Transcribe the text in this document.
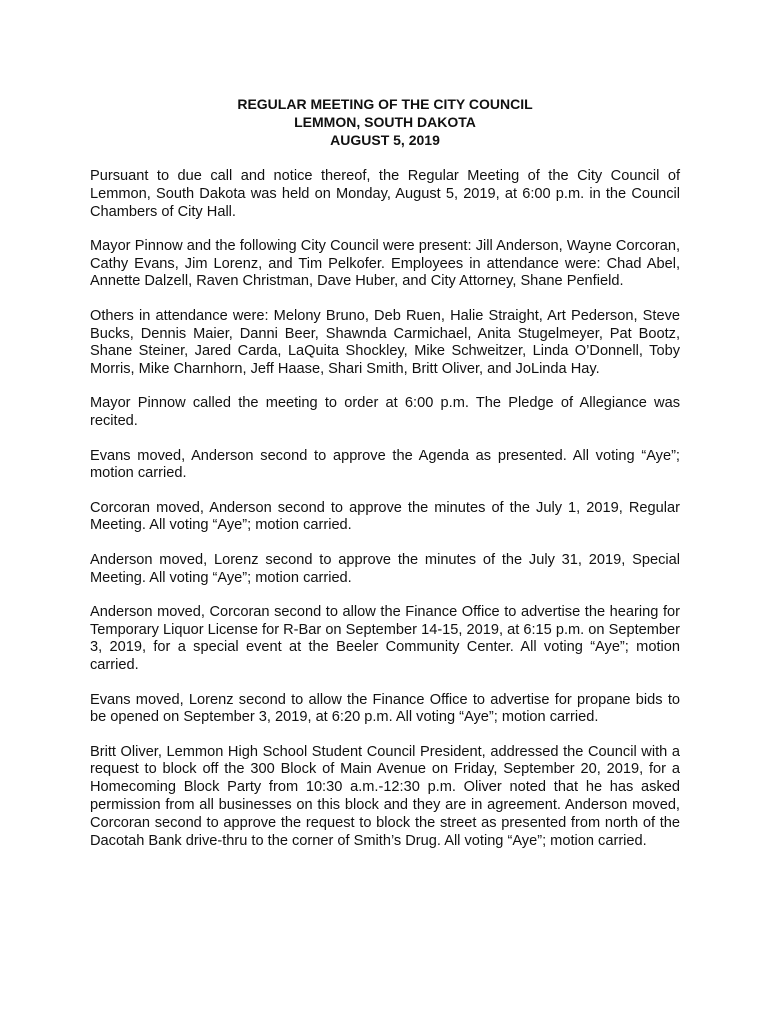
REGULAR MEETING OF THE CITY COUNCIL

LEMMON, SOUTH DAKOTA

AUGUST 5, 2019

Pursuant to due call and notice thereof, the Regular Meeting of the City Council of Lemmon, South Dakota was held on Monday, August 5, 2019, at 6:00 p.m. in the Council Chambers of City Hall.

Mayor Pinnow and the following City Council were present: Jill Anderson, Wayne Corcoran, Cathy Evans, Jim Lorenz, and Tim Pelkofer. Employees in attendance were: Chad Abel, Annette Dalzell, Raven Christman, Dave Huber, and City Attorney, Shane Penfield.

Others in attendance were: Melony Bruno, Deb Ruen, Halie Straight, Art Pederson, Steve Bucks, Dennis Maier, Danni Beer, Shawnda Carmichael, Anita Stugelmeyer, Pat Bootz, Shane Steiner, Jared Carda, LaQuita Shockley, Mike Schweitzer, Linda O’Donnell, Toby Morris, Mike Charnhorn, Jeff Haase, Shari Smith, Britt Oliver, and JoLinda Hay.

Mayor Pinnow called the meeting to order at 6:00 p.m. The Pledge of Allegiance was recited.

Evans moved, Anderson second to approve the Agenda as presented. All voting “Aye”; motion carried.

Corcoran moved, Anderson second to approve the minutes of the July 1, 2019, Regular Meeting. All voting “Aye”; motion carried.

Anderson moved, Lorenz second to approve the minutes of the July 31, 2019, Special Meeting. All voting “Aye”; motion carried.

Anderson moved, Corcoran second to allow the Finance Office to advertise the hearing for Temporary Liquor License for R-Bar on September 14-15, 2019, at 6:15 p.m. on September 3, 2019, for a special event at the Beeler Community Center. All voting “Aye”; motion carried.

Evans moved, Lorenz second to allow the Finance Office to advertise for propane bids to be opened on September 3, 2019, at 6:20 p.m. All voting “Aye”; motion carried.

Britt Oliver, Lemmon High School Student Council President, addressed the Council with a request to block off the 300 Block of Main Avenue on Friday, September 20, 2019, for a Homecoming Block Party from 10:30 a.m.-12:30 p.m. Oliver noted that he has asked permission from all businesses on this block and they are in agreement. Anderson moved, Corcoran second to approve the request to block the street as presented from north of the Dacotah Bank drive-thru to the corner of Smith’s Drug. All voting “Aye”; motion carried.
